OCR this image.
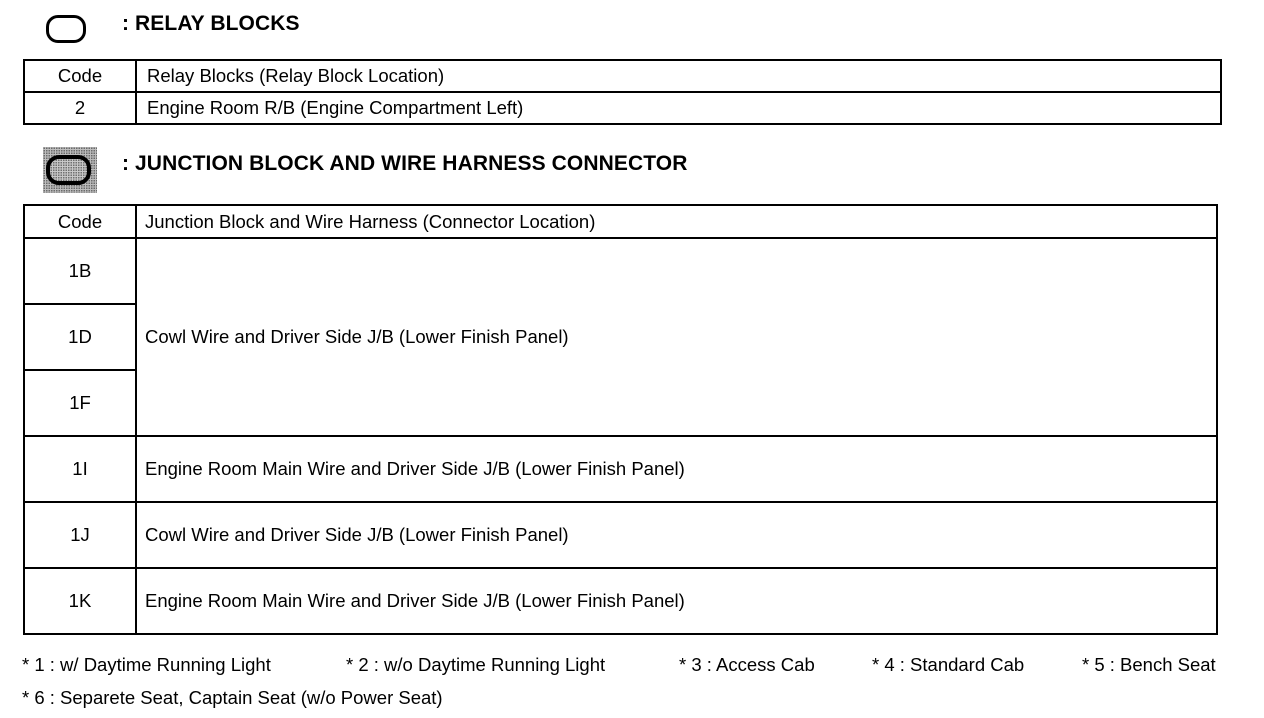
: RELAY BLOCKS
Code	Relay Blocks (Relay Block Location)
2	Engine Room R/B (Engine Compartment Left)
: JUNCTION BLOCK AND WIRE HARNESS CONNECTOR
Code	Junction Block and Wire Harness (Connector Location)
1B	Cowl Wire and Driver Side J/B (Lower Finish Panel)
1D	
1F	
1I	Engine Room Main Wire and Driver Side J/B (Lower Finish Panel)
1J	Cowl Wire and Driver Side J/B (Lower Finish Panel)
1K	Engine Room Main Wire and Driver Side J/B (Lower Finish Panel)
* 1 : w/ Daytime Running Light	* 2 : w/o Daytime Running Light	* 3 : Access Cab	* 4 : Standard Cab	* 5 : Bench Seat
* 6 : Separete Seat, Captain Seat (w/o Power Seat)
